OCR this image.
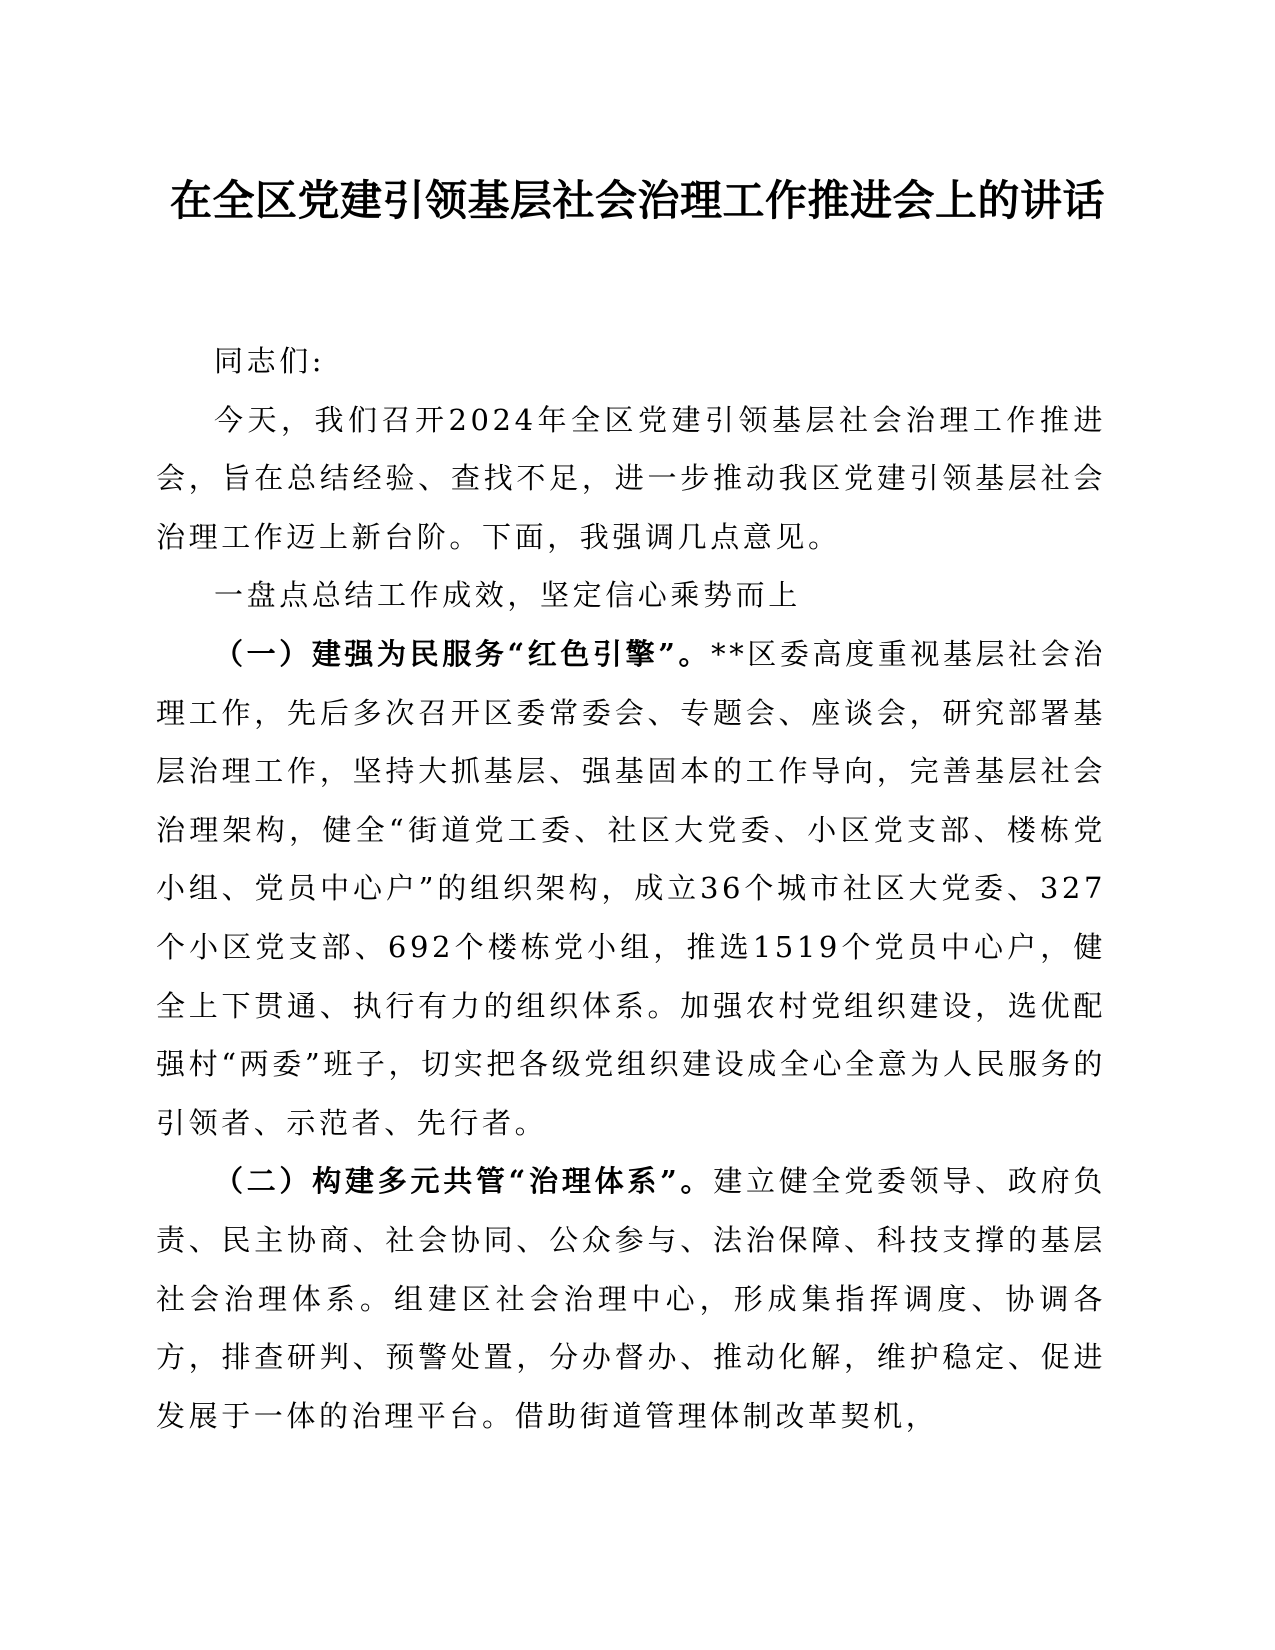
在全区党建引领基层社会治理工作推进会上的讲话

同志们:

今天，我们召开2024年全区党建引领基层社会治理工作推进会，旨在总结经验、查找不足，进一步推动我区党建引领基层社会治理工作迈上新台阶。下面，我强调几点意见。

一盘点总结工作成效，坚定信心乘势而上

（一）建强为民服务“红色引擎”。**区委高度重视基层社会治理工作，先后多次召开区委常委会、专题会、座谈会，研究部署基层治理工作，坚持大抓基层、强基固本的工作导向，完善基层社会治理架构，健全“街道党工委、社区大党委、小区党支部、楼栋党小组、党员中心户”的组织架构，成立36个城市社区大党委、327个小区党支部、692个楼栋党小组，推选1519个党员中心户，健全上下贯通、执行有力的组织体系。加强农村党组织建设，选优配强村“两委”班子，切实把各级党组织建设成全心全意为人民服务的引领者、示范者、先行者。

（二）构建多元共管“治理体系”。建立健全党委领导、政府负责、民主协商、社会协同、公众参与、法治保障、科技支撑的基层社会治理体系。组建区社会治理中心，形成集指挥调度、协调各方，排查研判、预警处置，分办督办、推动化解，维护稳定、促进发展于一体的治理平台。借助街道管理体制改革契机，
